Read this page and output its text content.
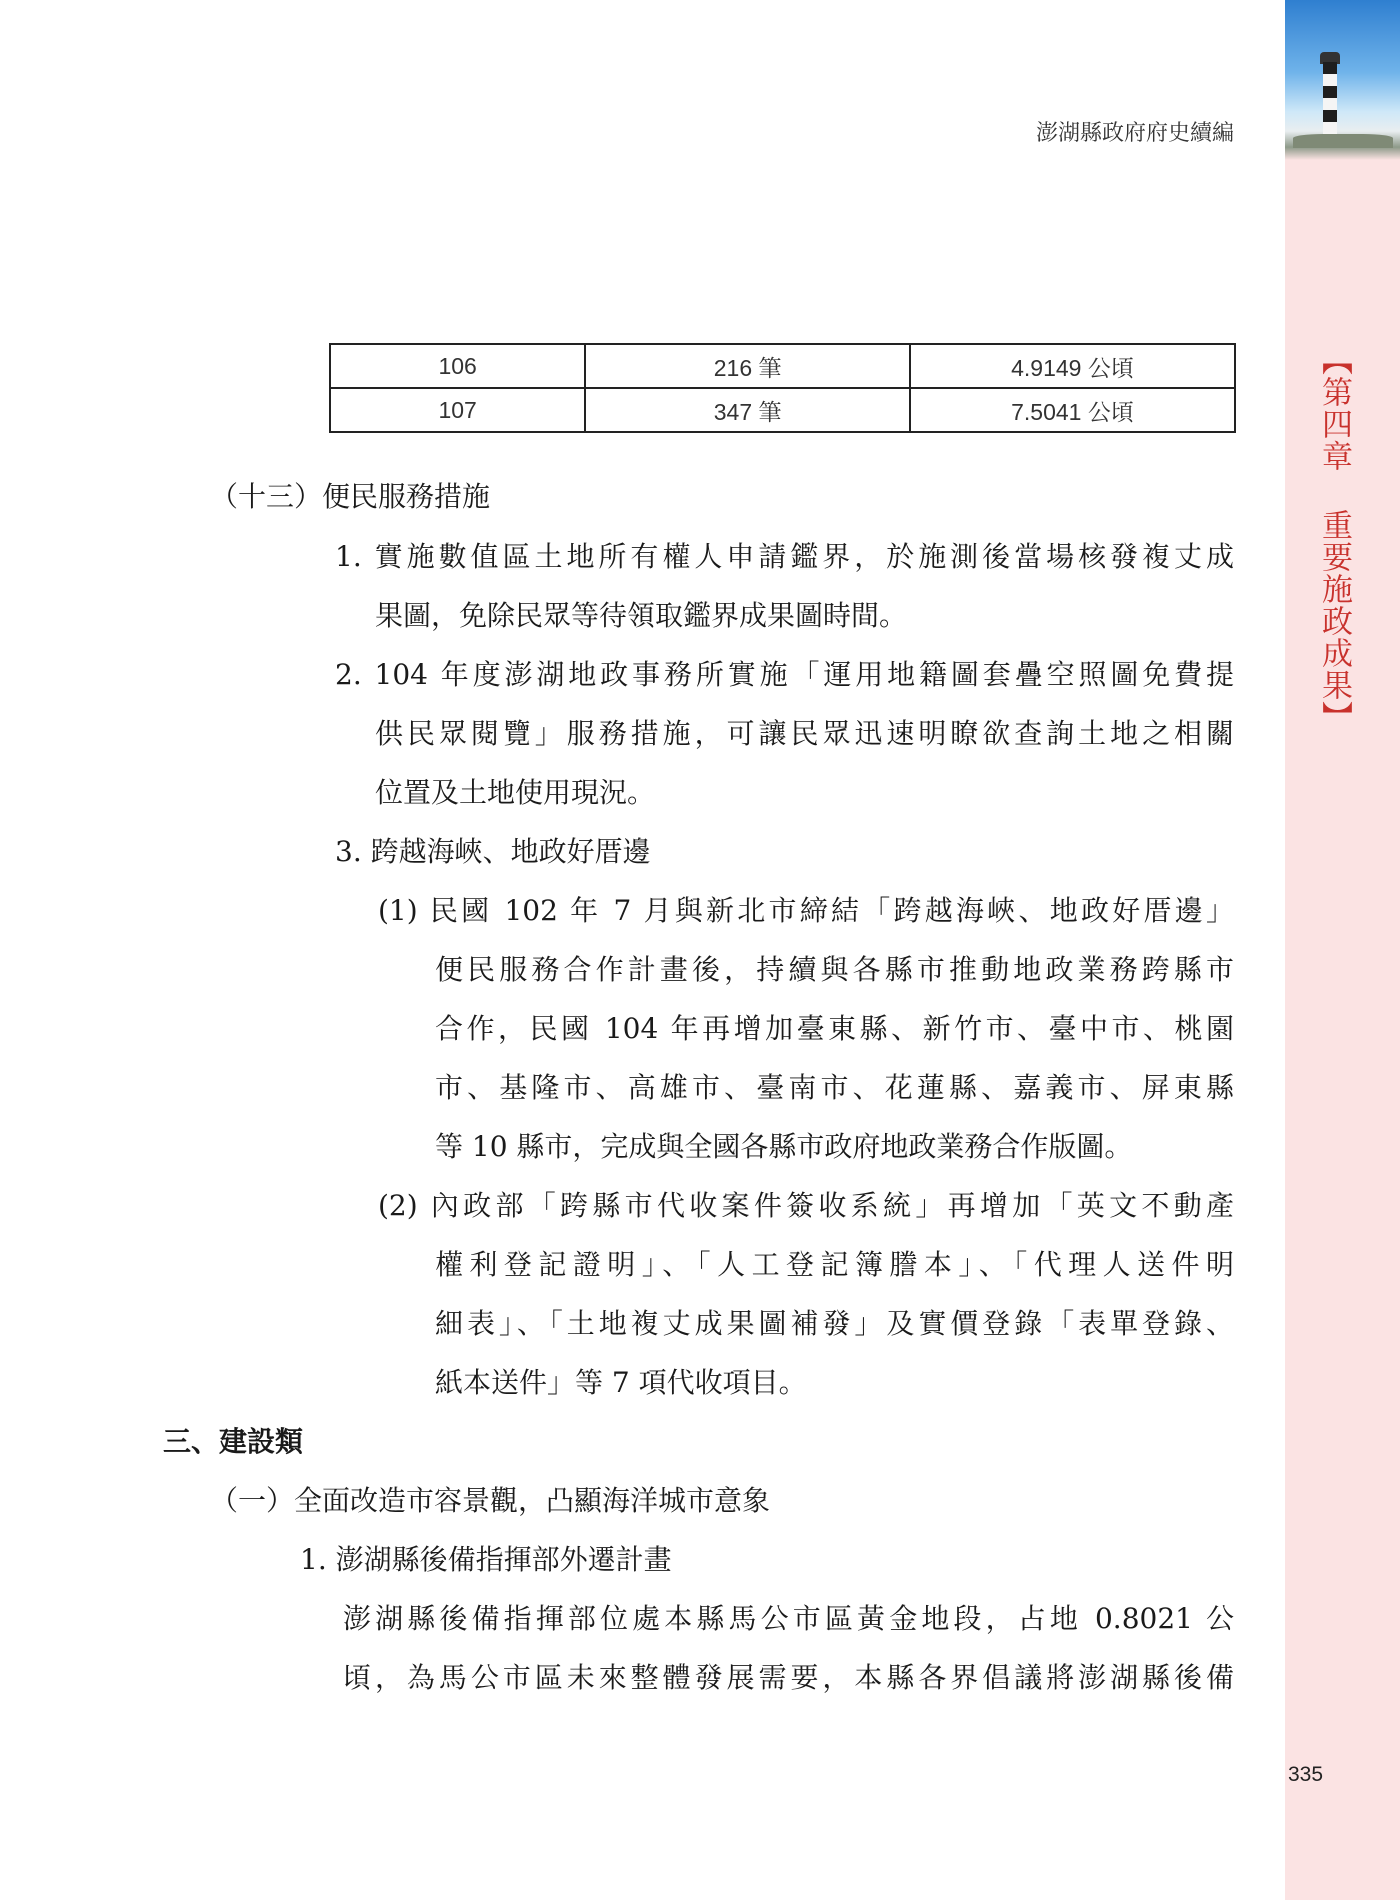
【第四章 重要施政成果】
澎湖縣政府府史續編
106	216 筆	4.9149 公頃
107	347 筆	7.5041 公頃
（十三）便民服務措施
1. 實施數值區土地所有權人申請鑑界，於施測後當場核發複丈成
果圖，免除民眾等待領取鑑界成果圖時間。
2. 104 年度澎湖地政事務所實施「運用地籍圖套疊空照圖免費提
供民眾閱覽」服務措施，可讓民眾迅速明瞭欲查詢土地之相關
位置及土地使用現況。
3. 跨越海峽、地政好厝邊
(1) 民國 102 年 7 月與新北市締結「跨越海峽、地政好厝邊」
便民服務合作計畫後，持續與各縣市推動地政業務跨縣市
合作，民國 104 年再增加臺東縣、新竹市、臺中市、桃園
市、基隆市、高雄市、臺南市、花蓮縣、嘉義市、屏東縣
等 10 縣市，完成與全國各縣市政府地政業務合作版圖。
(2) 內政部「跨縣市代收案件簽收系統」再增加「英文不動產
權利登記證明」、「人工登記簿謄本」、「代理人送件明
細表」、「土地複丈成果圖補發」及實價登錄「表單登錄、
紙本送件」等 7 項代收項目。
三、建設類
（一）全面改造市容景觀，凸顯海洋城市意象
1. 澎湖縣後備指揮部外遷計畫
澎湖縣後備指揮部位處本縣馬公市區黃金地段，占地 0.8021 公
頃，為馬公市區未來整體發展需要，本縣各界倡議將澎湖縣後備
335
